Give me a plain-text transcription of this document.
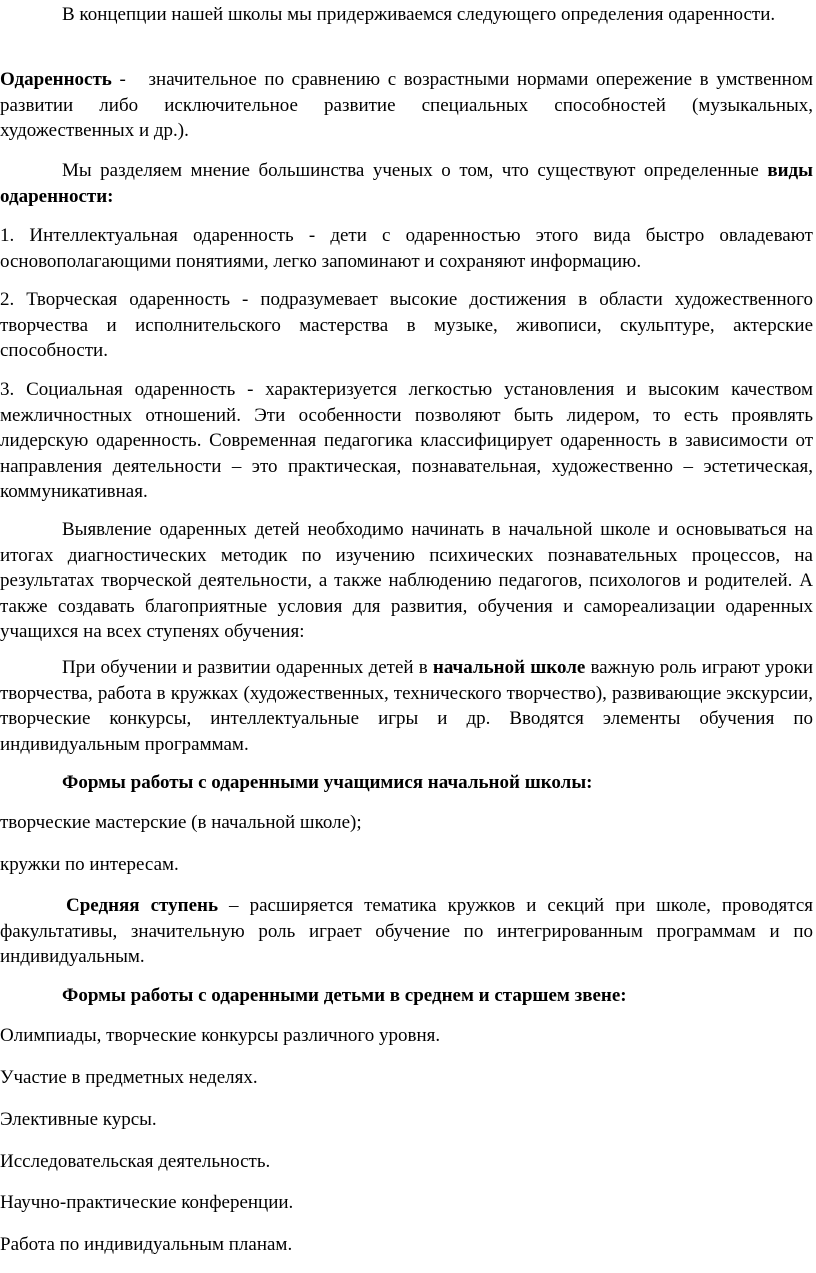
В концепции нашей школы мы придерживаемся следующего определения одаренности.

Одаренность -   значительное по сравнению с возрастными нормами опережение в умственном развитии либо исключительное развитие специальных способностей (музыкальных, художественных и др.).

Мы разделяем мнение большинства ученых о том, что существуют определенные виды одаренности:

1. Интеллектуальная одаренность - дети с одаренностью этого вида быстро овладевают основополагающими понятиями, легко запоминают и сохраняют информацию.

2. Творческая одаренность - подразумевает высокие достижения в области художественного творчества и исполнительского мастерства в музыке, живописи, скульптуре, актерские способности.

3. Социальная одаренность - характеризуется легкостью установления и высоким качеством межличностных отношений. Эти особенности позволяют быть лидером, то есть проявлять лидерскую одаренность. Современная педагогика классифицирует одаренность в зависимости от направления деятельности – это практическая, познавательная, художественно – эстетическая, коммуникативная.

Выявление одаренных детей необходимо начинать в начальной школе и основываться на итогах диагностических методик по изучению психических познавательных процессов, на результатах творческой деятельности, а также наблюдению педагогов, психологов и родителей. А также создавать благоприятные условия для развития, обучения и самореализации одаренных учащихся на всех ступенях обучения:

При обучении и развитии одаренных детей в начальной школе важную роль играют уроки творчества, работа в кружках (художественных, технического творчество), развивающие экскурсии, творческие конкурсы, интеллектуальные игры и др. Вводятся элементы обучения по индивидуальным программам.

Формы работы с одаренными учащимися начальной школы:

творческие мастерские (в начальной школе);

кружки по интересам.

Средняя ступень – расширяется тематика кружков и секций при школе, проводятся факультативы, значительную роль играет обучение по интегрированным программам и по индивидуальным.

Формы работы с одаренными детьми в среднем и старшем звене:

Олимпиады, творческие конкурсы различного уровня.

Участие в предметных неделях.

Элективные курсы.

Исследовательская деятельность.

Научно-практические конференции.

Работа по индивидуальным планам.
